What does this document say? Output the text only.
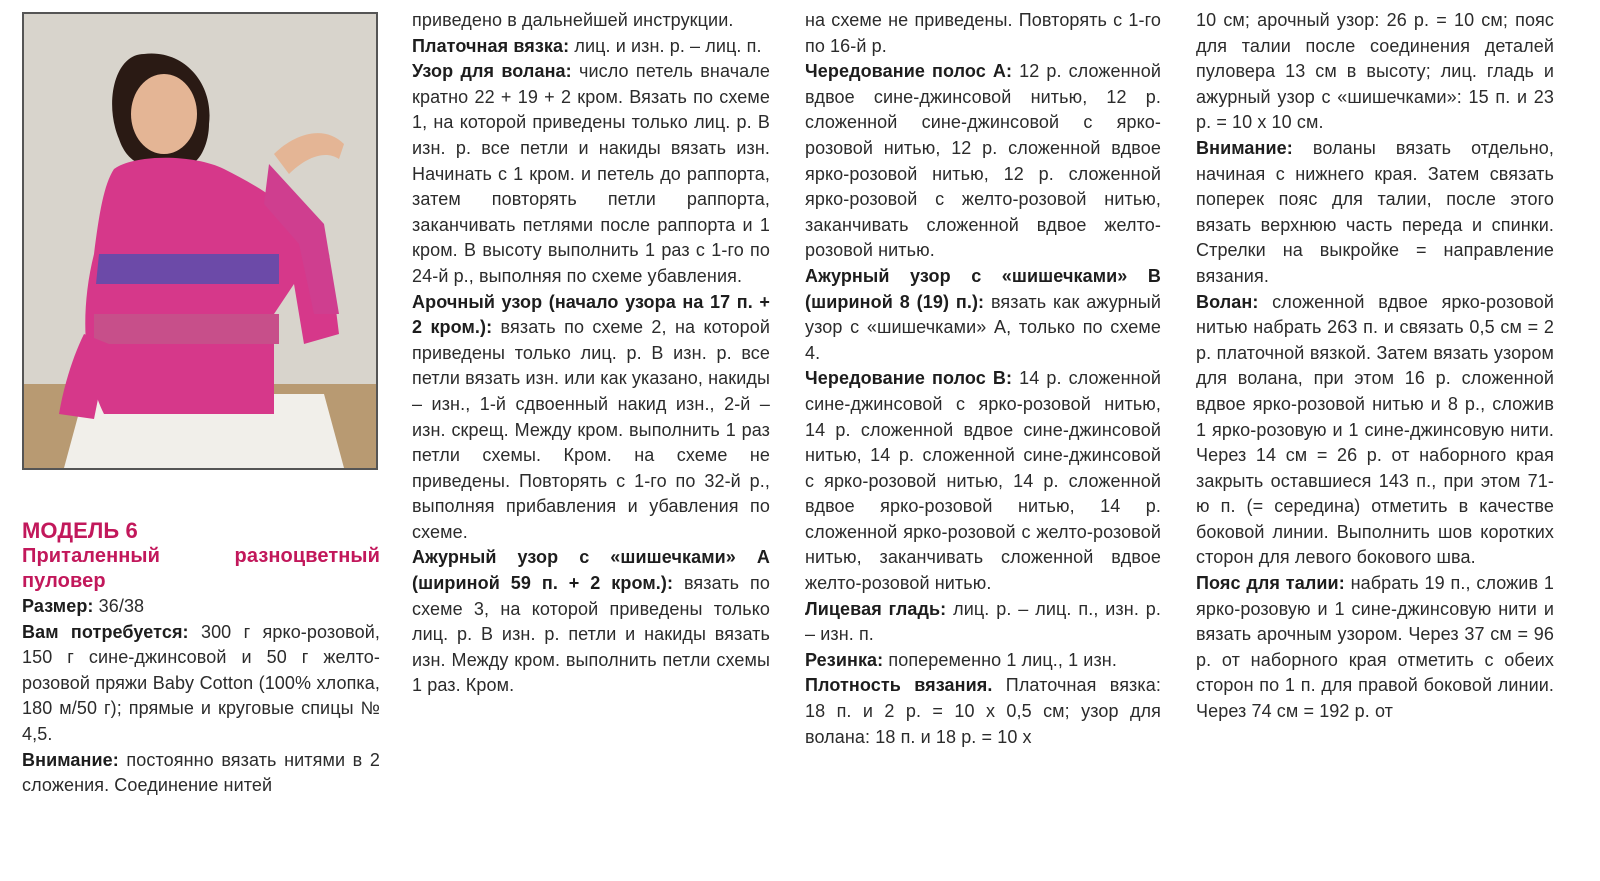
МОДЕЛЬ 6

Приталенный разноцветный пуловер

Размер: 36/38

Вам потребуется: 300 г ярко-розовой, 150 г сине-джинсовой и 50 г желто-розовой пряжи Baby Cotton (100% хлопка, 180 м/50 г); прямые и круговые спицы № 4,5.

Внимание: постоянно вязать нитями в 2 сложения. Соединение нитей

приведено в дальнейшей инструкции.

Платочная вязка: лиц. и изн. р. – лиц. п.

Узор для волана: число петель вначале кратно 22 + 19 + 2 кром. Вязать по схеме 1, на которой приведены только лиц. р. В изн. р. все петли и накиды вязать изн. Начинать с 1 кром. и петель до раппорта, затем повторять петли раппорта, заканчивать петлями после раппорта и 1 кром. В высоту выполнить 1 раз с 1-го по 24-й р., выполняя по схеме убавления.

Арочный узор (начало узора на 17 п. + 2 кром.): вязать по схеме 2, на которой приведены только лиц. р. В изн. р. все петли вязать изн. или как указано, накиды – изн., 1-й сдвоенный накид изн., 2-й – изн. скрещ. Между кром. выполнить 1 раз петли схемы. Кром. на схеме не приведены. Повторять с 1-го по 32-й р., выполняя прибавления и убавления по схеме.

Ажурный узор с «шишечками» А (шириной 59 п. + 2 кром.): вязать по схеме 3, на которой приведены только лиц. р. В изн. р. петли и накиды вязать изн. Между кром. выполнить петли схемы 1 раз. Кром.

на схеме не приведены. Повторять с 1-го по 16-й р.

Чередование полос А: 12 р. сложенной вдвое сине-джинсовой нитью, 12 р. сложенной сине-джинсовой с ярко-розовой нитью, 12 р. сложенной вдвое ярко-розовой нитью, 12 р. сложенной ярко-розовой с желто-розовой нитью, заканчивать сложенной вдвое желто-розовой нитью.

Ажурный узор с «шишечками» В (шириной 8 (19) п.): вязать как ажурный узор с «шишечками» А, только по схеме 4.

Чередование полос В: 14 р. сложенной сине-джинсовой с ярко-розовой нитью, 14 р. сложенной вдвое сине-джинсовой нитью, 14 р. сложенной сине-джинсовой с ярко-розовой нитью, 14 р. сложенной вдвое ярко-розовой нитью, 14 р. сложенной ярко-розовой с желто-розовой нитью, заканчивать сложенной вдвое желто-розовой нитью.

Лицевая гладь: лиц. р. – лиц. п., изн. р. – изн. п.

Резинка: попеременно 1 лиц., 1 изн.

Плотность вязания. Платочная вязка: 18 п. и 2 р. = 10 х 0,5 см; узор для волана: 18 п. и 18 р. = 10 х

10 см; арочный узор: 26 р. = 10 см; пояс для талии после соединения деталей пуловера 13 см в высоту; лиц. гладь и ажурный узор с «шишечками»: 15 п. и 23 р. = 10 х 10 см.

Внимание: воланы вязать отдельно, начиная с нижнего края. Затем связать поперек пояс для талии, после этого вязать верхнюю часть переда и спинки. Стрелки на выкройке = направление вязания.

Волан: сложенной вдвое ярко-розовой нитью набрать 263 п. и связать 0,5 см = 2 р. платочной вязкой. Затем вязать узором для волана, при этом 16 р. сложенной вдвое ярко-розовой нитью и 8 р., сложив 1 ярко-розовую и 1 сине-джинсовую нити. Через 14 см = 26 р. от наборного края закрыть оставшиеся 143 п., при этом 71-ю п. (= середина) отметить в качестве боковой линии. Выполнить шов коротких сторон для левого бокового шва.

Пояс для талии: набрать 19 п., сложив 1 ярко-розовую и 1 сине-джинсовую нити и вязать арочным узором. Через 37 см = 96 р. от наборного края отметить с обеих сторон по 1 п. для правой боковой линии. Через 74 см = 192 р. от
